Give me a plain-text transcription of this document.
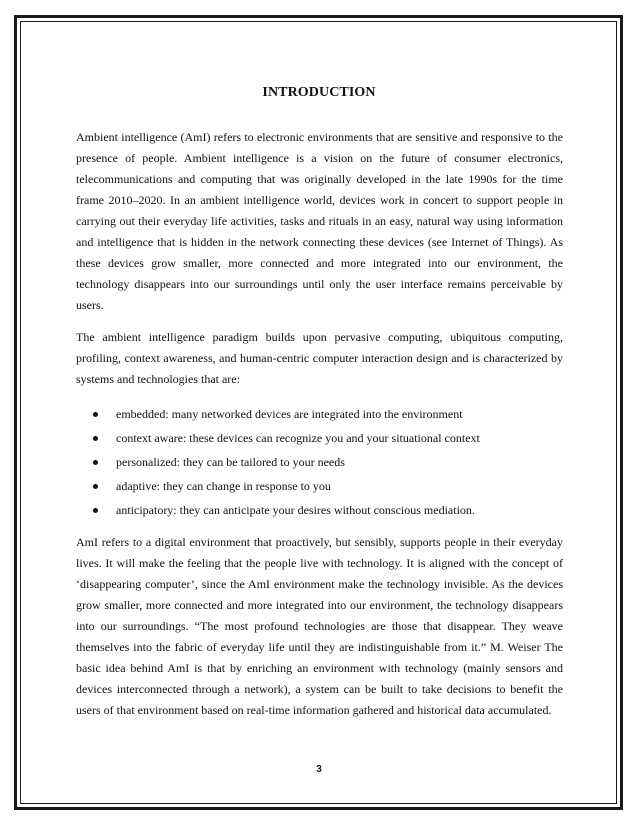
INTRODUCTION

Ambient intelligence (AmI) refers to electronic environments that are sensitive and responsive to the presence of people. Ambient intelligence is a vision on the future of consumer electronics, telecommunications and computing that was originally developed in the late 1990s for the time frame 2010–2020. In an ambient intelligence world, devices work in concert to support people in carrying out their everyday life activities, tasks and rituals in an easy, natural way using information and intelligence that is hidden in the network connecting these devices (see Internet of Things). As these devices grow smaller, more connected and more integrated into our environment, the technology disappears into our surroundings until only the user interface remains perceivable by users.

The ambient intelligence paradigm builds upon pervasive computing, ubiquitous computing, profiling, context awareness, and human-centric computer interaction design and is characterized by systems and technologies that are:

embedded: many networked devices are integrated into the environment
context aware: these devices can recognize you and your situational context
personalized: they can be tailored to your needs
adaptive: they can change in response to you
anticipatory: they can anticipate your desires without conscious mediation.

AmI refers to a digital environment that proactively, but sensibly, supports people in their everyday lives. It will make the feeling that the people live with technology. It is aligned with the concept of ‘disappearing computer’, since the AmI environment make the technology invisible. As the devices grow smaller, more connected and more integrated into our environment, the technology disappears into our surroundings. “The most profound technologies are those that disappear. They weave themselves into the fabric of everyday life until they are indistinguishable from it.” M. Weiser The basic idea behind AmI is that by enriching an environment with technology (mainly sensors and devices interconnected through a network), a system can be built to take decisions to benefit the users of that environment based on real-time information gathered and historical data accumulated.

3
